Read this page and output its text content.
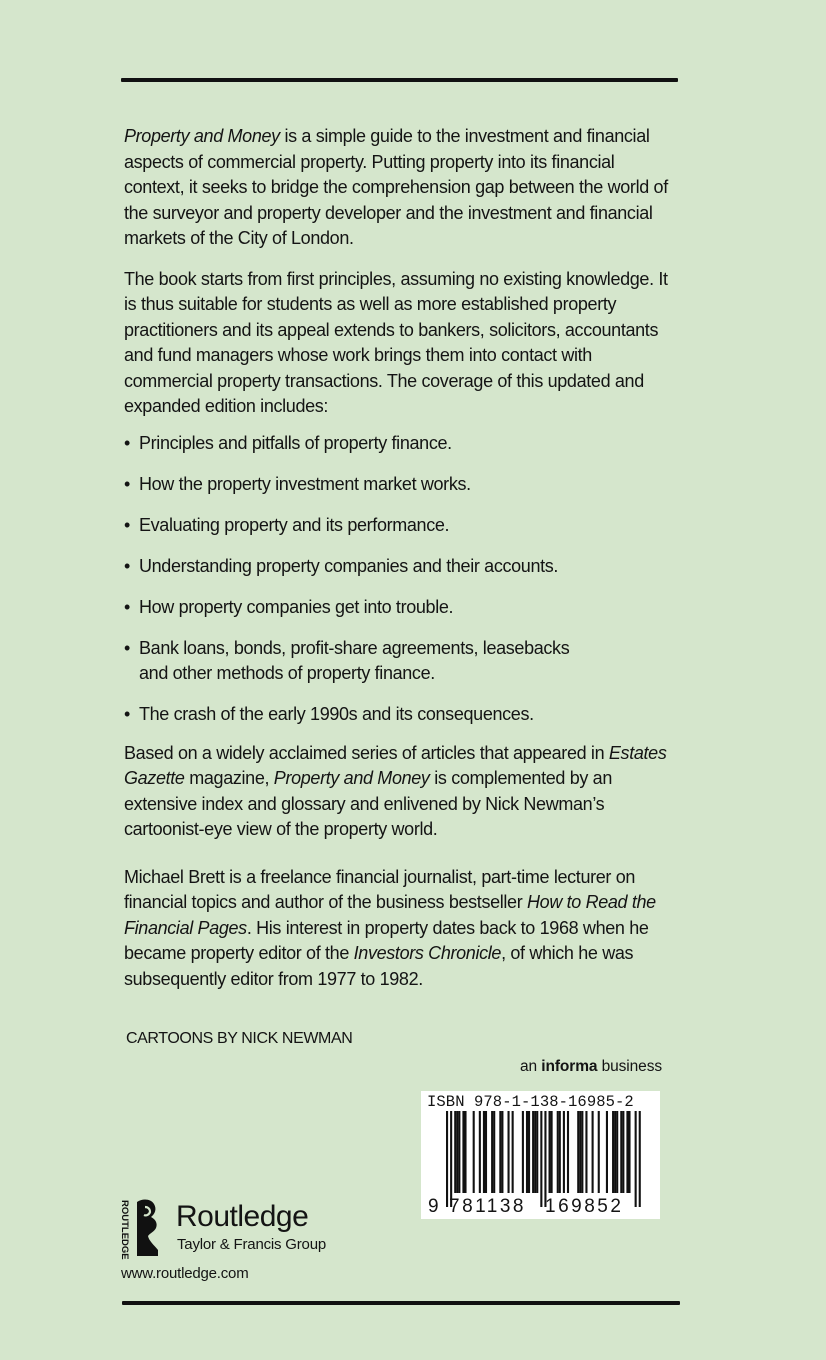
Property and Money is a simple guide to the investment and financial aspects of commercial property. Putting property into its financial context, it seeks to bridge the comprehension gap between the world of the surveyor and property developer and the investment and financial markets of the City of London.

The book starts from first principles, assuming no existing knowledge. It is thus suitable for students as well as more established property practitioners and its appeal extends to bankers, solicitors, accountants and fund managers whose work brings them into contact with commercial property transactions. The coverage of this updated and expanded edition includes:

• Principles and pitfalls of property finance.
• How the property investment market works.
• Evaluating property and its performance.
• Understanding property companies and their accounts.
• How property companies get into trouble.
• Bank loans, bonds, profit-share agreements, leasebacks and other methods of property finance.
• The crash of the early 1990s and its consequences.

Based on a widely acclaimed series of articles that appeared in Estates Gazette magazine, Property and Money is complemented by an extensive index and glossary and enlivened by Nick Newman’s cartoonist-eye view of the property world.

Michael Brett is a freelance financial journalist, part-time lecturer on financial topics and author of the business bestseller How to Read the Financial Pages. His interest in property dates back to 1968 when he became property editor of the Investors Chronicle, of which he was subsequently editor from 1977 to 1982.

CARTOONS BY NICK NEWMAN
an informa business
ISBN 978-1-138-16985-2
9 781138 169852
ROUTLEDGE Routledge
Taylor & Francis Group
www.routledge.com
